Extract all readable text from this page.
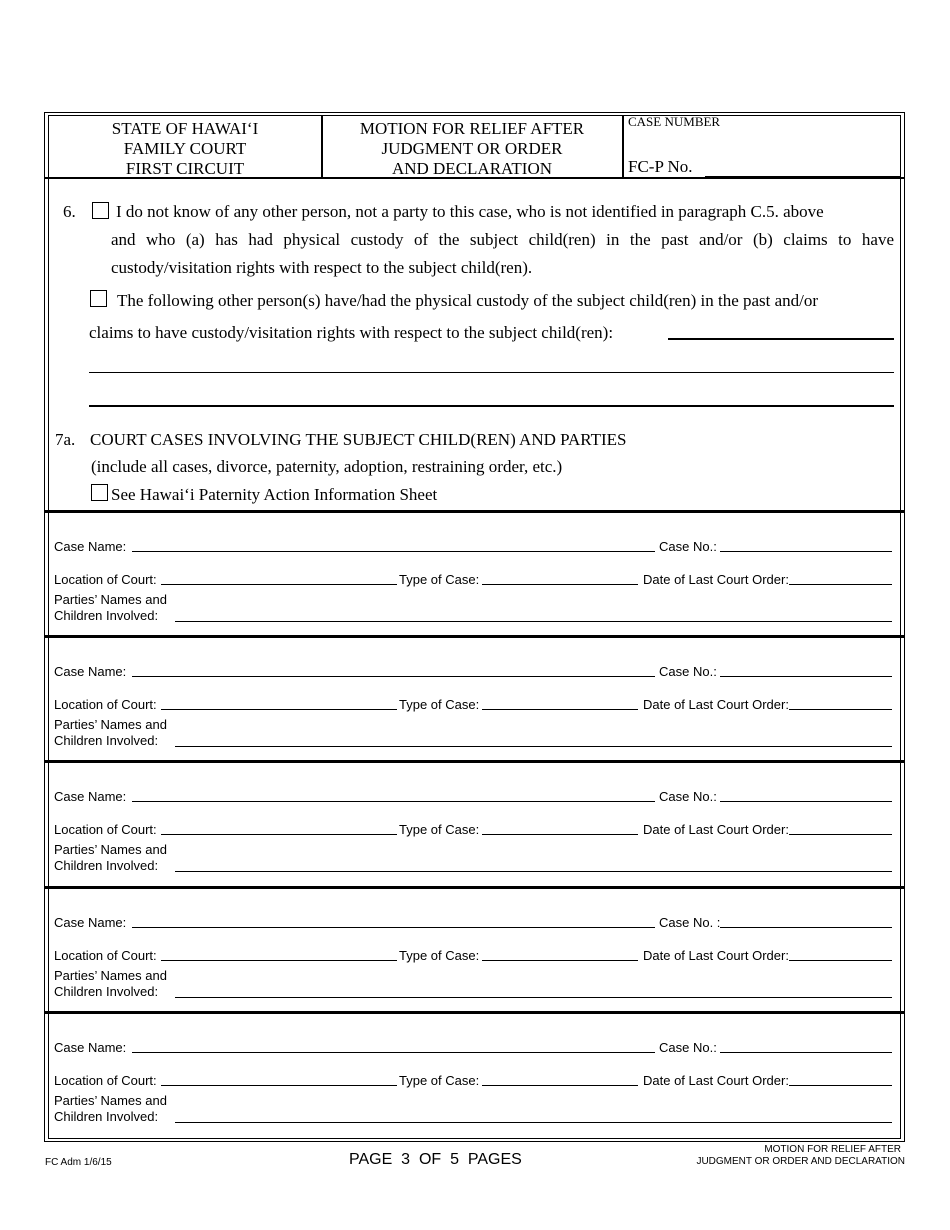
STATE OF HAWAI‘I
FAMILY COURT
FIRST CIRCUIT
MOTION FOR RELIEF AFTER
JUDGMENT OR ORDER
AND DECLARATION
CASE NUMBER
FC-P No.
6. I do not know of any other person, not a party to this case, who is not identified in paragraph C.5. above
and who (a) has had physical custody of the subject child(ren) in the past and/or (b) claims to have
custody/visitation rights with respect to the subject child(ren).
The following other person(s) have/had the physical custody of the subject child(ren) in the past and/or
claims to have custody/visitation rights with respect to the subject child(ren):
7a. COURT CASES INVOLVING THE SUBJECT CHILD(REN) AND PARTIES
(include all cases, divorce, paternity, adoption, restraining order, etc.)
See Hawai‘i Paternity Action Information Sheet
Case Name:	Case No.:
Location of Court:	Type of Case:	Date of Last Court Order:
Parties’ Names and
Children Involved:
Case Name:	Case No.:
Location of Court:	Type of Case:	Date of Last Court Order:
Parties’ Names and
Children Involved:
Case Name:	Case No.:
Location of Court:	Type of Case:	Date of Last Court Order:
Parties’ Names and
Children Involved:
Case Name:	Case No. :
Location of Court:	Type of Case:	Date of Last Court Order:
Parties’ Names and
Children Involved:
Case Name:	Case No.:
Location of Court:	Type of Case:	Date of Last Court Order:
Parties’ Names and
Children Involved:
FC Adm 1/6/15	PAGE  3  OF  5  PAGES
MOTION FOR RELIEF AFTER
JUDGMENT OR ORDER AND DECLARATION
